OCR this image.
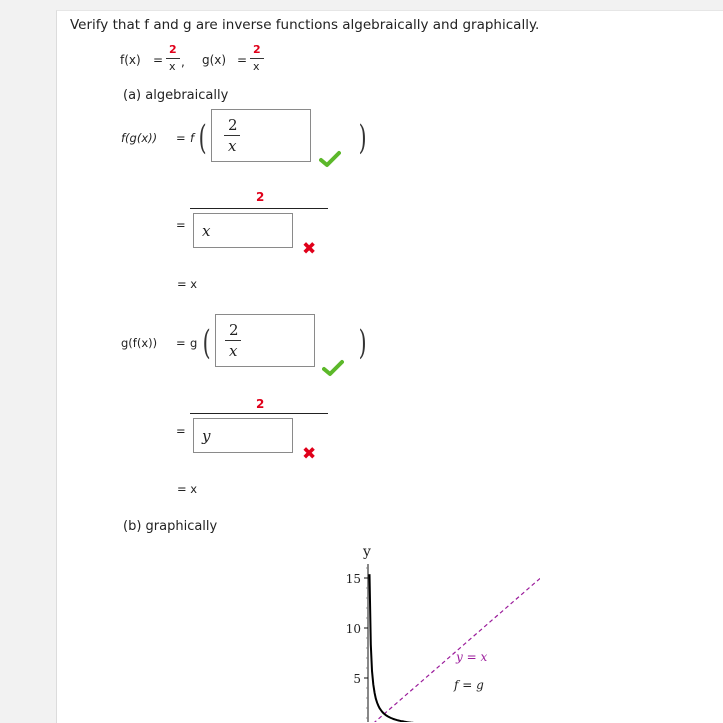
Verify that f and g are inverse functions algebraically and graphically.
f(x) =
2
x , g(x) =
2
x
(a) algebraically
f(g(x)) = f ( 2
x	)
2
= x
✖
= x
g(f(x)) = g ( 2
x	)
2
= y
✖
= x
(b) graphically
y
15
10
5
y = x
f = g
